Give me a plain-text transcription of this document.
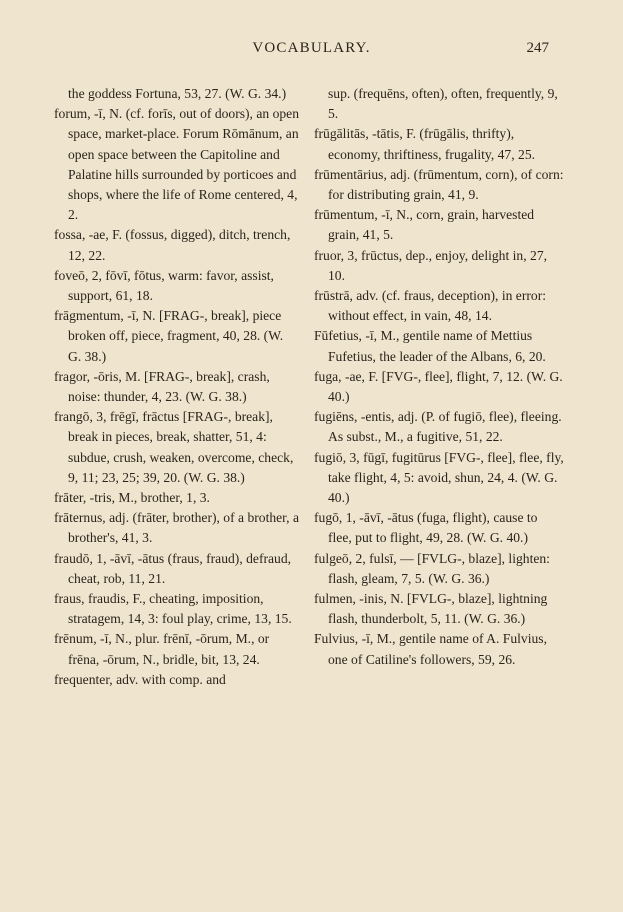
VOCABULARY.	247

the goddess Fortuna, 53, 27. (W. G. 34.)

forum, -ī, N. (cf. forīs, out of doors), an open space, market-place. Forum Rōmānum, an open space between the Capitoline and Palatine hills surrounded by porticoes and shops, where the life of Rome centered, 4, 2.

fossa, -ae, F. (fossus, digged), ditch, trench, 12, 22.

foveō, 2, fōvī, fōtus, warm: favor, assist, support, 61, 18.

frāgmentum, -ī, N. [FRAG-, break], piece broken off, piece, fragment, 40, 28. (W. G. 38.)

fragor, -ōris, M. [FRAG-, break], crash, noise: thunder, 4, 23. (W. G. 38.)

frangō, 3, frēgī, frāctus [FRAG-, break], break in pieces, break, shatter, 51, 4: subdue, crush, weaken, overcome, check, 9, 11; 23, 25; 39, 20. (W. G. 38.)

frāter, -tris, M., brother, 1, 3.

frāternus, adj. (frāter, brother), of a brother, a brother's, 41, 3.

fraudō, 1, -āvī, -ātus (fraus, fraud), defraud, cheat, rob, 11, 21.

fraus, fraudis, F., cheating, imposition, stratagem, 14, 3: foul play, crime, 13, 15.

frēnum, -ī, N., plur. frēnī, -ōrum, M., or frēna, -ōrum, N., bridle, bit, 13, 24.

frequenter, adv. with comp. and

sup. (frequēns, often), often, frequently, 9, 5.

frūgālitās, -tātis, F. (frūgālis, thrifty), economy, thriftiness, frugality, 47, 25.

frūmentārius, adj. (frūmentum, corn), of corn: for distributing grain, 41, 9.

frūmentum, -ī, N., corn, grain, harvested grain, 41, 5.

fruor, 3, frūctus, dep., enjoy, delight in, 27, 10.

frūstrā, adv. (cf. fraus, deception), in error: without effect, in vain, 48, 14.

Fūfetius, -ī, M., gentile name of Mettius Fufetius, the leader of the Albans, 6, 20.

fuga, -ae, F. [FVG-, flee], flight, 7, 12. (W. G. 40.)

fugiēns, -entis, adj. (P. of fugiō, flee), fleeing. As subst., M., a fugitive, 51, 22.

fugiō, 3, fūgī, fugitūrus [FVG-, flee], flee, fly, take flight, 4, 5: avoid, shun, 24, 4. (W. G. 40.)

fugō, 1, -āvī, -ātus (fuga, flight), cause to flee, put to flight, 49, 28. (W. G. 40.)

fulgeō, 2, fulsī, — [FVLG-, blaze], lighten: flash, gleam, 7, 5. (W. G. 36.)

fulmen, -inis, N. [FVLG-, blaze], lightning flash, thunderbolt, 5, 11. (W. G. 36.)

Fulvius, -ī, M., gentile name of A. Fulvius, one of Catiline's followers, 59, 26.
